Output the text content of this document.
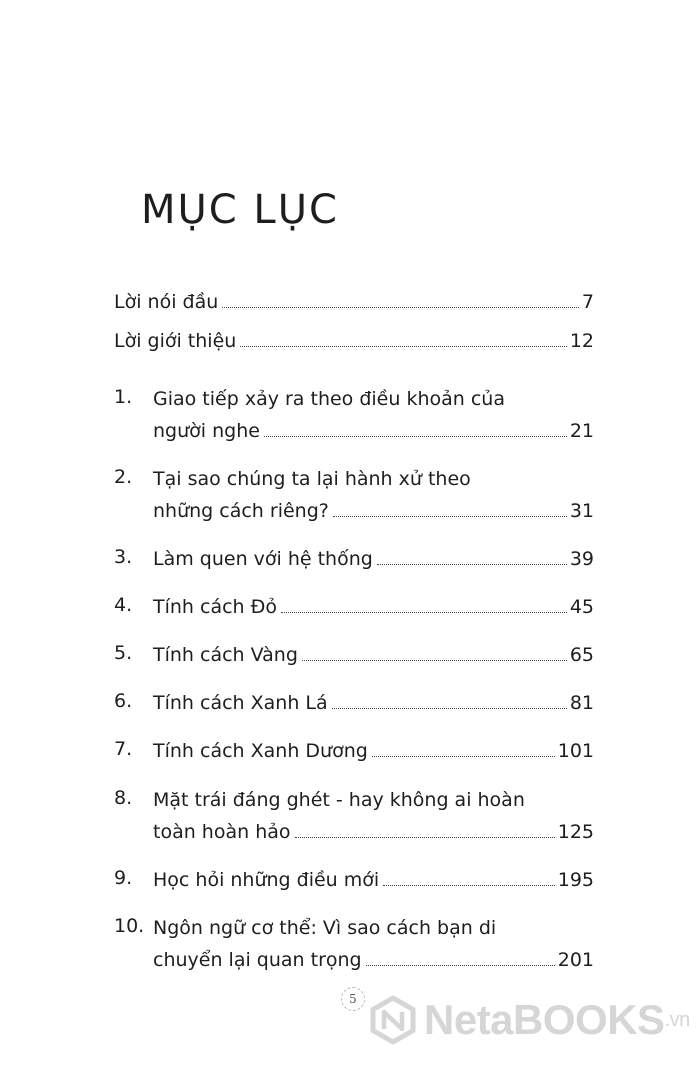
MỤC LỤC
Lời nói đầu	7
Lời giới thiệu	12
1. Giao tiếp xảy ra theo điều khoản của
người nghe	21
2. Tại sao chúng ta lại hành xử theo
những cách riêng?	31
3. Làm quen với hệ thống	39
4. Tính cách Đỏ	45
5. Tính cách Vàng	65
6. Tính cách Xanh Lá	81
7. Tính cách Xanh Dương	101
8. Mặt trái đáng ghét - hay không ai hoàn
toàn hoàn hảo	125
9. Học hỏi những điều mới	195
10. Ngôn ngữ cơ thể: Vì sao cách bạn di
chuyển lại quan trọng	201
5 NetaBOOKS .vn
